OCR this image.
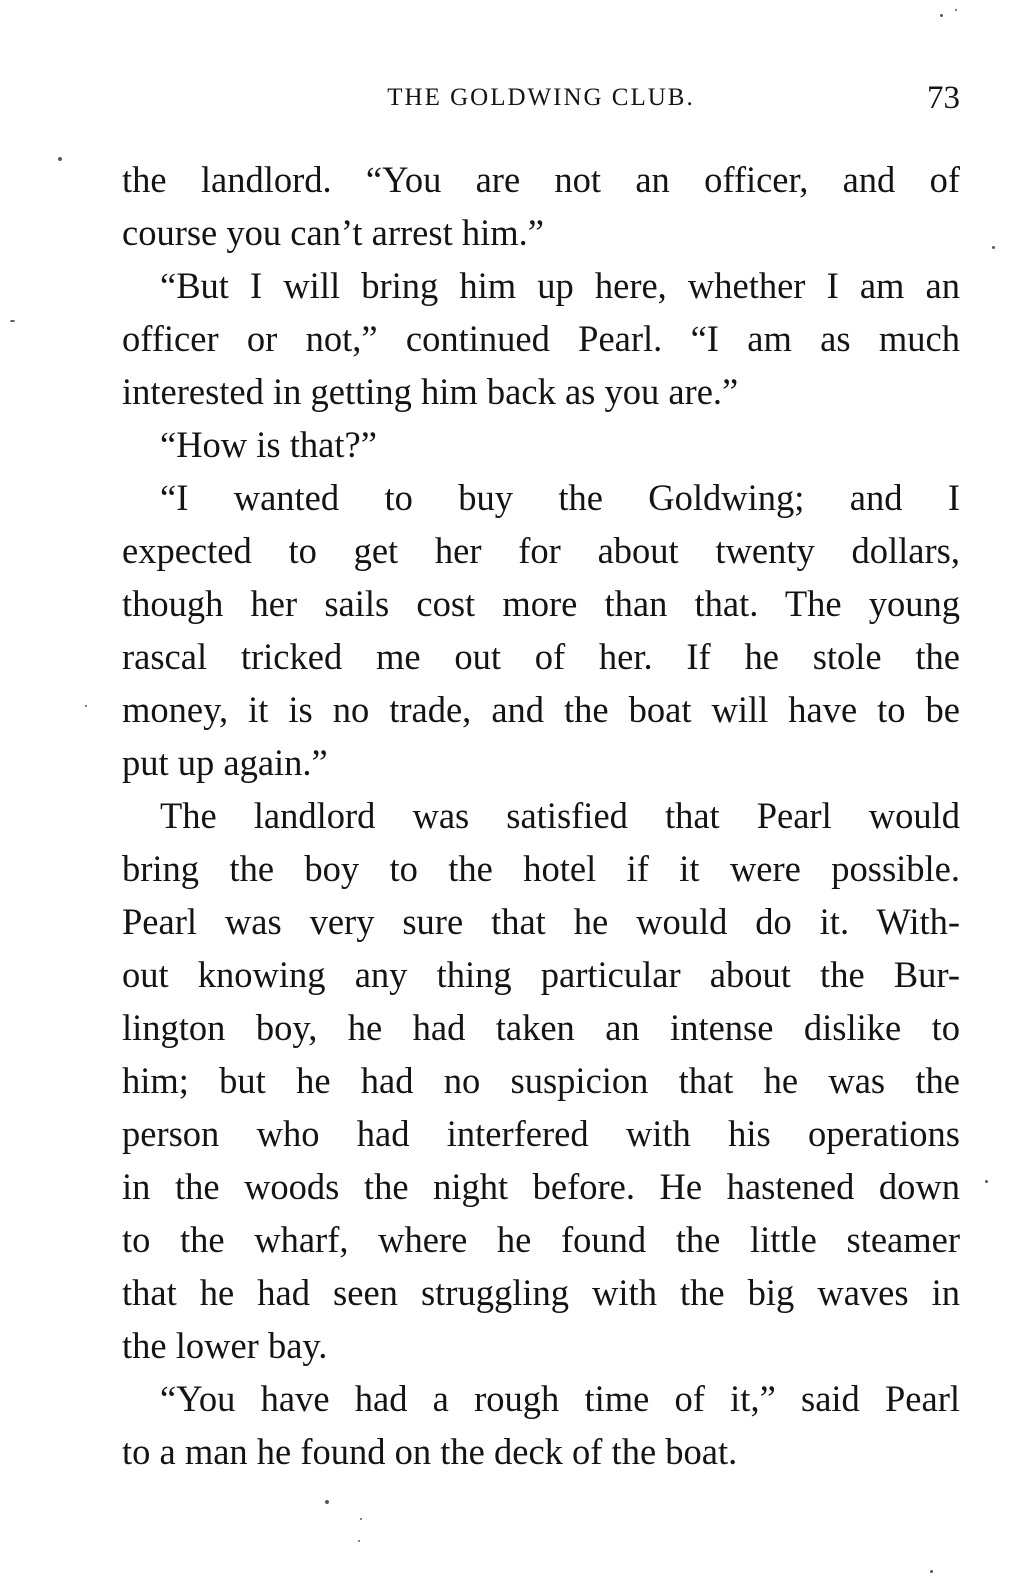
THE GOLDWING CLUB.	73
the landlord. “You are not an officer, and of
course you can’t arrest him.”
“But I will bring him up here, whether I am an
officer or not,” continued Pearl. “I am as much
interested in getting him back as you are.”
“How is that?”
“I wanted to buy the Goldwing; and I
expected to get her for about twenty dollars,
though her sails cost more than that. The young
rascal tricked me out of her. If he stole the
money, it is no trade, and the boat will have to be
put up again.”
The landlord was satisfied that Pearl would
bring the boy to the hotel if it were possible.
Pearl was very sure that he would do it. With-
out knowing any thing particular about the Bur-
lington boy, he had taken an intense dislike to
him; but he had no suspicion that he was the
person who had interfered with his operations
in the woods the night before. He hastened down
to the wharf, where he found the little steamer
that he had seen struggling with the big waves in
the lower bay.
“You have had a rough time of it,” said Pearl
to a man he found on the deck of the boat.
